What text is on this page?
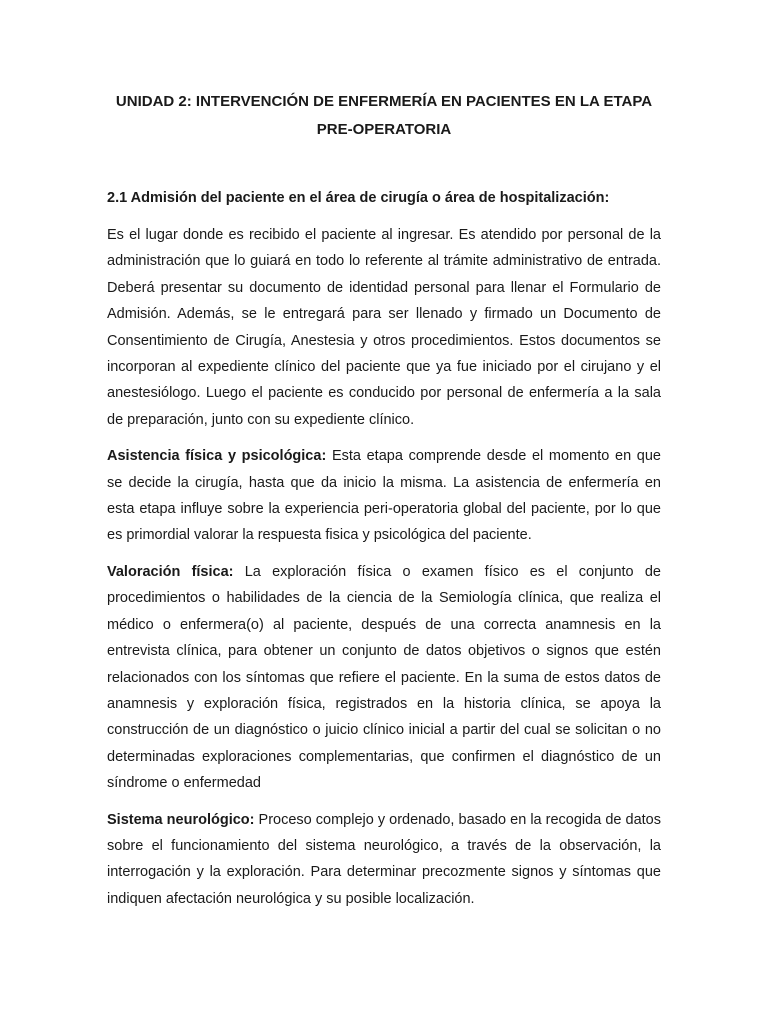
UNIDAD 2: INTERVENCIÓN DE ENFERMERÍA EN PACIENTES EN LA ETAPA
PRE-OPERATORIA

2.1 Admisión del paciente en el área de cirugía o área de hospitalización:

Es el lugar donde es recibido el paciente al ingresar. Es atendido por personal de la administración que lo guiará en todo lo referente al trámite administrativo de entrada. Deberá presentar su documento de identidad personal para llenar el Formulario de Admisión. Además, se le entregará para ser llenado y firmado un Documento de Consentimiento de Cirugía, Anestesia y otros procedimientos. Estos documentos se incorporan al expediente clínico del paciente que ya fue iniciado por el cirujano y el anestesiólogo. Luego el paciente es conducido por personal de enfermería a la sala de preparación, junto con su expediente clínico.

Asistencia física y psicológica: Esta etapa comprende desde el momento en que se decide la cirugía, hasta que da inicio la misma. La asistencia de enfermería en esta etapa influye sobre la experiencia peri-operatoria global del paciente, por lo que es primordial valorar la respuesta fisica y psicológica del paciente.

Valoración física: La exploración física o examen físico es el conjunto de procedimientos o habilidades de la ciencia de la Semiología clínica, que realiza el médico o enfermera(o) al paciente, después de una correcta anamnesis en la entrevista clínica, para obtener un conjunto de datos objetivos o signos que estén relacionados con los síntomas que refiere el paciente. En la suma de estos datos de anamnesis y exploración física, registrados en la historia clínica, se apoya la construcción de un diagnóstico o juicio clínico inicial a partir del cual se solicitan o no determinadas exploraciones complementarias, que confirmen el diagnóstico de un síndrome o enfermedad

Sistema neurológico: Proceso complejo y ordenado, basado en la recogida de datos sobre el funcionamiento del sistema neurológico, a través de la observación, la interrogación y la exploración. Para determinar precozmente signos y síntomas que indiquen afectación neurológica y su posible localización.
